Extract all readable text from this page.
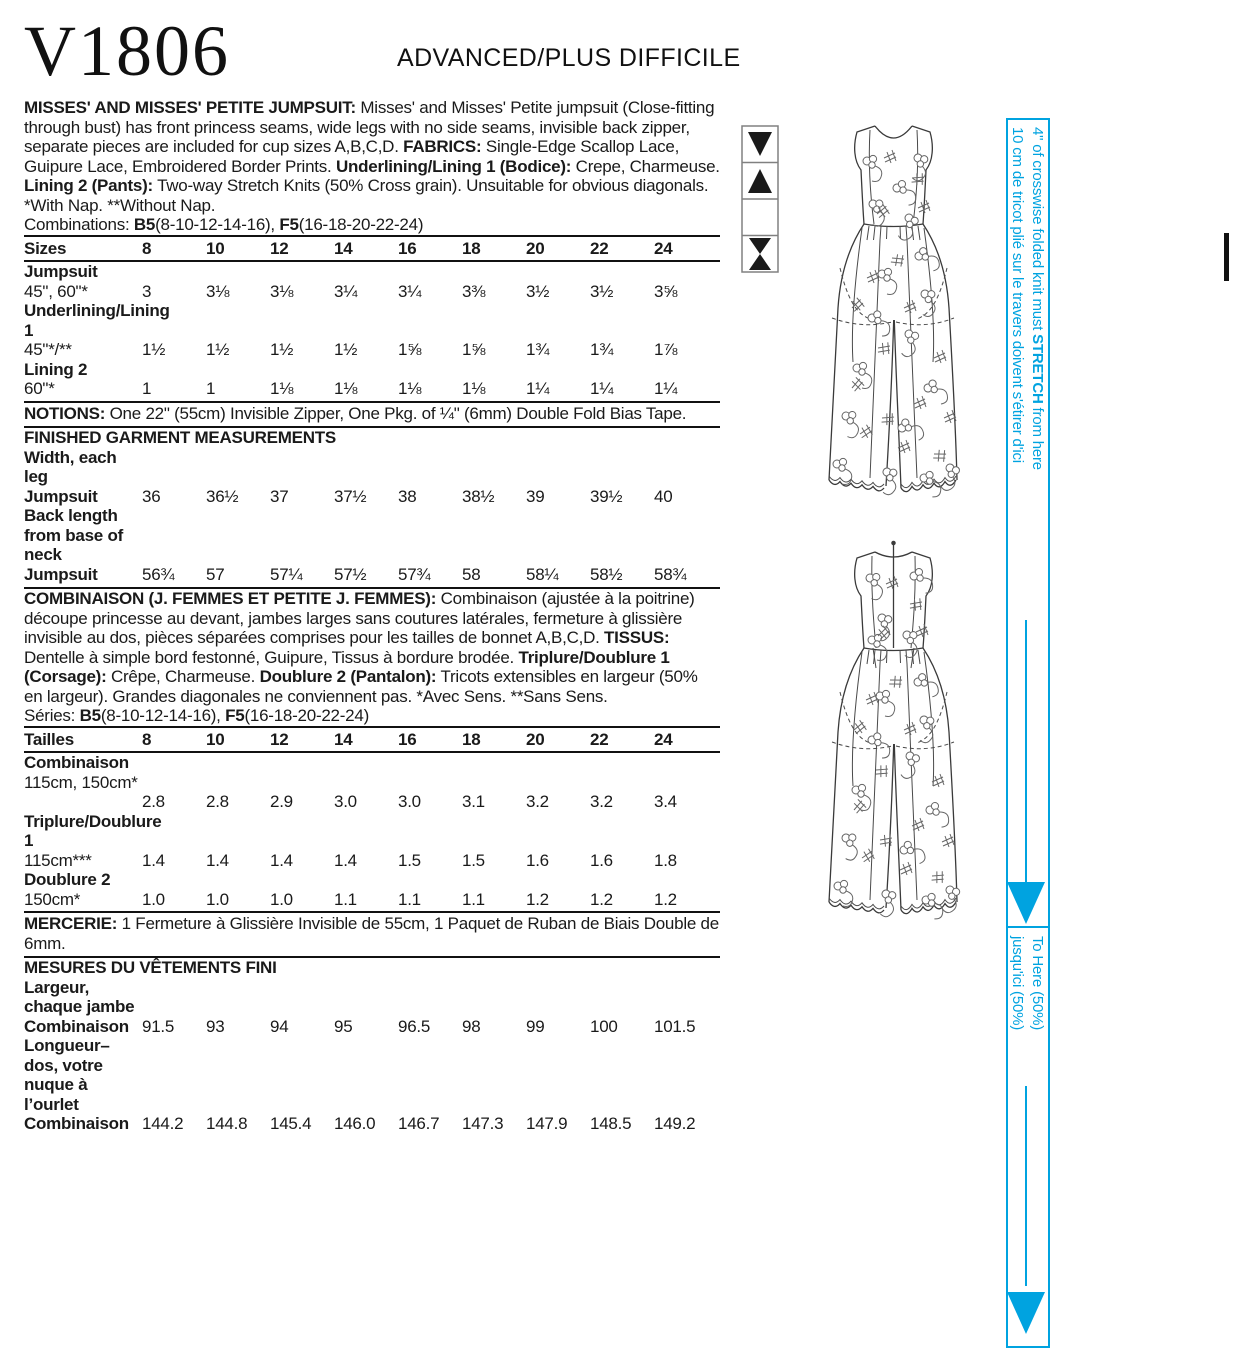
V1806	ADVANCED/PLUS DIFFICILE

MISSES' AND MISSES' PETITE JUMPSUIT: Misses' and Misses' Petite jumpsuit (Close-fitting through bust) has front princess seams, wide legs with no side seams, invisible back zipper, separate pieces are included for cup sizes A,B,C,D. FABRICS: Single-Edge Scallop Lace, Guipure Lace, Embroidered Border Prints. Underlining/Lining 1 (Bodice): Crepe, Charmeuse. Lining 2 (Pants): Two-way Stretch Knits (50% Cross grain). Unsuitable for obvious diagonals. *With Nap. **Without Nap.

Combinations: B5(8-10-12-14-16), F5(16-18-20-22-24)

Sizes	8	10	12	14	16	18	20	22	24
Jumpsuit
45", 60"*	3	3⅛	3⅛	3¼	3¼	3⅜	3½	3½	3⅝
Underlining/Lining 1
45"*/**	1½	1½	1½	1½	1⅝	1⅝	1¾	1¾	1⅞
Lining 2
60"*	1	1	1⅛	1⅛	1⅛	1⅛	1¼	1¼	1¼

NOTIONS: One 22" (55cm) Invisible Zipper, One Pkg. of ¼" (6mm) Double Fold Bias Tape.

FINISHED GARMENT MEASUREMENTS

Width, each leg
Jumpsuit	36	36½	37	37½	38	38½	39	39½	40
Back length from base of neck
Jumpsuit	56¾	57	57¼	57½	57¾	58	58¼	58½	58¾

COMBINAISON (J. FEMMES ET PETITE J. FEMMES): Combinaison (ajustée à la poitrine) découpe princesse au devant, jambes larges sans coutures latérales, fermeture à glissière invisible au dos, pièces séparées comprises pour les tailles de bonnet A,B,C,D. TISSUS: Dentelle à simple bord festonné, Guipure, Tissus à bordure brodée. Triplure/Doublure 1 (Corsage): Crêpe, Charmeuse. Doublure 2 (Pantalon): Tricots extensibles en largeur (50% en largeur). Grandes diagonales ne conviennent pas. *Avec Sens. **Sans Sens.

Séries: B5(8-10-12-14-16), F5(16-18-20-22-24)

Tailles	8	10	12	14	16	18	20	22	24
Combinaison
115cm, 150cm*
2.8	2.8	2.9	3.0	3.0	3.1	3.2	3.2	3.4
Triplure/Doublure 1
115cm***	1.4	1.4	1.4	1.4	1.5	1.5	1.6	1.6	1.8
Doublure 2
150cm*	1.0	1.0	1.0	1.1	1.1	1.1	1.2	1.2	1.2

MERCERIE: 1 Fermeture à Glissière Invisible de 55cm, 1 Paquet de Ruban de Biais Double de 6mm.

MESURES DU VÊTEMENTS FINI

Largeur, chaque jambe
Combinaison 91.5	93	94	95	96.5	98	99	100	101.5
Longueur– dos, votre nuque à l’ourlet
Combinaison 144.2	144.8	145.4	146.0	146.7	147.3	147.9	148.5	149.2
4" of crosswise folded knit must STRETCH from here
10 cm de tricot plié sur le travers doivent s'étirer d'ici
To Here (50%)
jusqu'ici (50%)
